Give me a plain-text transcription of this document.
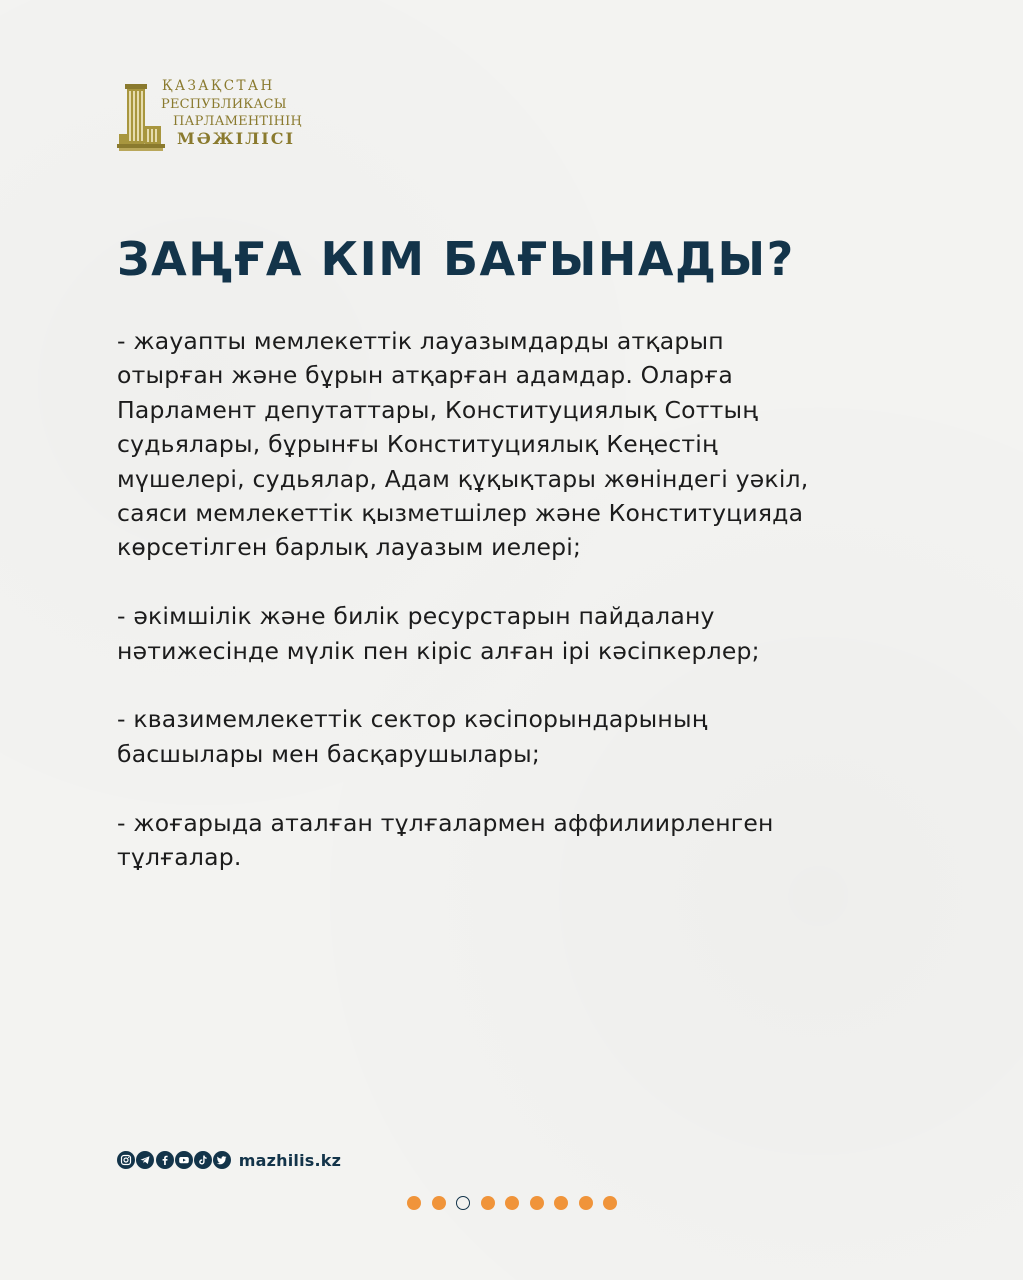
ҚАЗАҚСТАН
РЕСПУБЛИКАСЫ
ПАРЛАМЕНТІНІҢ
МӘЖІЛІСІ
ЗАҢҒА КІМ БАҒЫНАДЫ?

- жауапты мемлекеттік лауазымдарды атқарып
отырған және бұрын атқарған адамдар. Оларға
Парламент депутаттары, Конституциялық Соттың
судьялары, бұрынғы Конституциялық Кеңестің
мүшелері, судьялар, Адам құқықтары жөніндегі уәкіл,
саяси мемлекеттік қызметшілер және Конституцияда
көрсетілген барлық лауазым иелері;

- әкімшілік және билік ресурстарын пайдалану
нәтижесінде мүлік пен кіріс алған ірі кәсіпкерлер;

- квазимемлекеттік сектор кәсіпорындарының
басшылары мен басқарушылары;

- жоғарыда аталған тұлғалармен аффилиирленген
тұлғалар.

mazhilis.kz
